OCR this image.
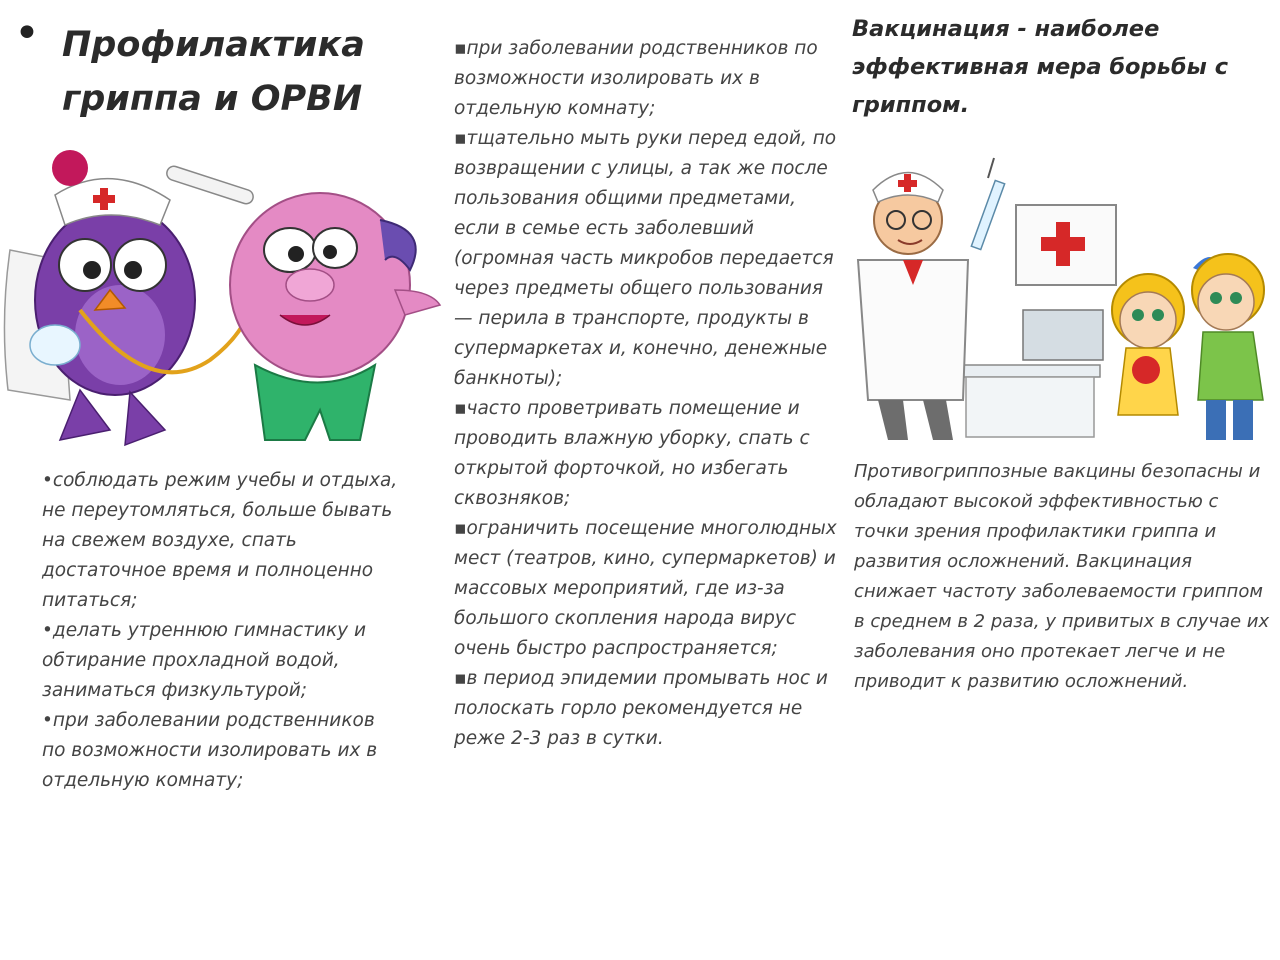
• Профилактика гриппа и ОРВИ

•соблюдать режим учебы и отдыха, не переутомляться, больше бывать на свежем воздухе, спать достаточное время и полноценно питаться;

•делать утреннюю гимнастику и обтирание прохладной водой, заниматься физкультурой;

•при заболевании родственников по возможности изолировать их в отдельную комнату;

▪при заболевании родственников по возможности изолировать их в отдельную комнату;

▪тщательно мыть руки перед едой, по возвращении с улицы, а так же после пользования общими предметами, если в семье есть заболевший (огромная часть микробов передается через предметы общего пользования — перила в транспорте, продукты в супермаркетах и, конечно, денежные банкноты);

▪часто проветривать помещение и проводить влажную уборку, спать с открытой форточкой, но избегать сквозняков;

▪ограничить посещение многолюдных мест (театров, кино, супермаркетов) и массовых мероприятий, где из-за большого скопления народа вирус очень быстро распространяется;

▪в период эпидемии промывать нос и полоскать горло рекомендуется не реже 2-3 раз в сутки.

Вакцинация - наиболее эффективная мера борьбы с гриппом.
Противогриппозные вакцины безопасны и обладают высокой эффективностью с точки зрения профилактики гриппа и развития осложнений. Вакцинация снижает частоту заболеваемости гриппом в среднем в 2 раза, у привитых в случае их заболевания оно протекает легче и не приводит к развитию осложнений.
